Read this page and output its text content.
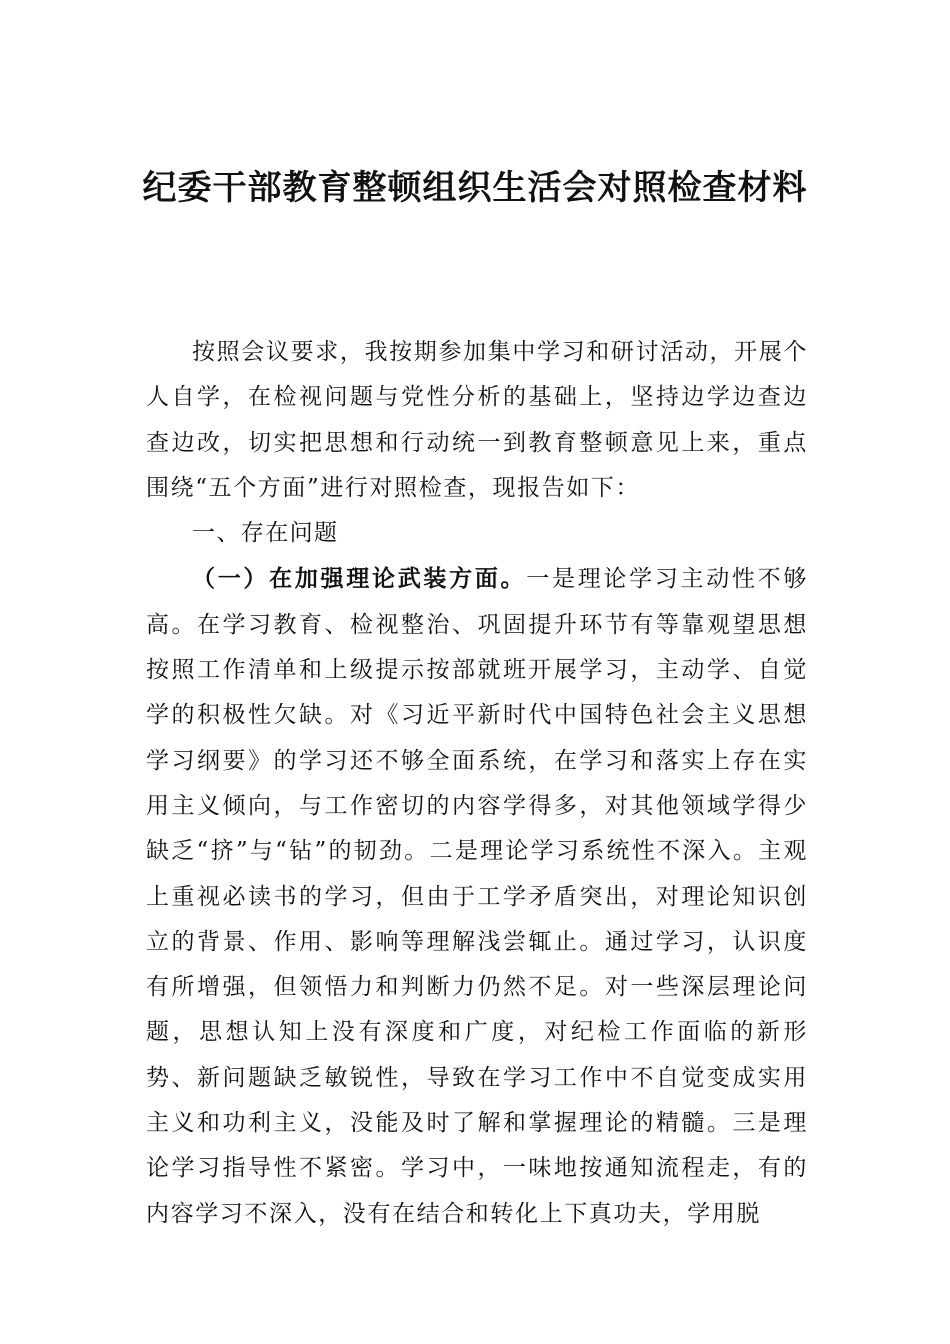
纪委干部教育整顿组织生活会对照检查材料

按照会议要求，我按期参加集中学习和研讨活动，开展个人自学，在检视问题与党性分析的基础上，坚持边学边查边查边改，切实把思想和行动统一到教育整顿意见上来，重点围绕“五个方面”进行对照检查，现报告如下：

一、存在问题

（一）在加强理论武装方面。一是理论学习主动性不够高。在学习教育、检视整治、巩固提升环节有等靠观望思想按照工作清单和上级提示按部就班开展学习，主动学、自觉学的积极性欠缺。对《习近平新时代中国特色社会主义思想学习纲要》的学习还不够全面系统，在学习和落实上存在实用主义倾向，与工作密切的内容学得多，对其他领域学得少缺乏“挤”与“钻”的韧劲。二是理论学习系统性不深入。主观上重视必读书的学习，但由于工学矛盾突出，对理论知识创立的背景、作用、影响等理解浅尝辄止。通过学习，认识度有所增强，但领悟力和判断力仍然不足。对一些深层理论问题，思想认知上没有深度和广度，对纪检工作面临的新形势、新问题缺乏敏锐性，导致在学习工作中不自觉变成实用主义和功利主义，没能及时了解和掌握理论的精髓。三是理论学习指导性不紧密。学习中，一味地按通知流程走，有的内容学习不深入，没有在结合和转化上下真功夫，学用脱
